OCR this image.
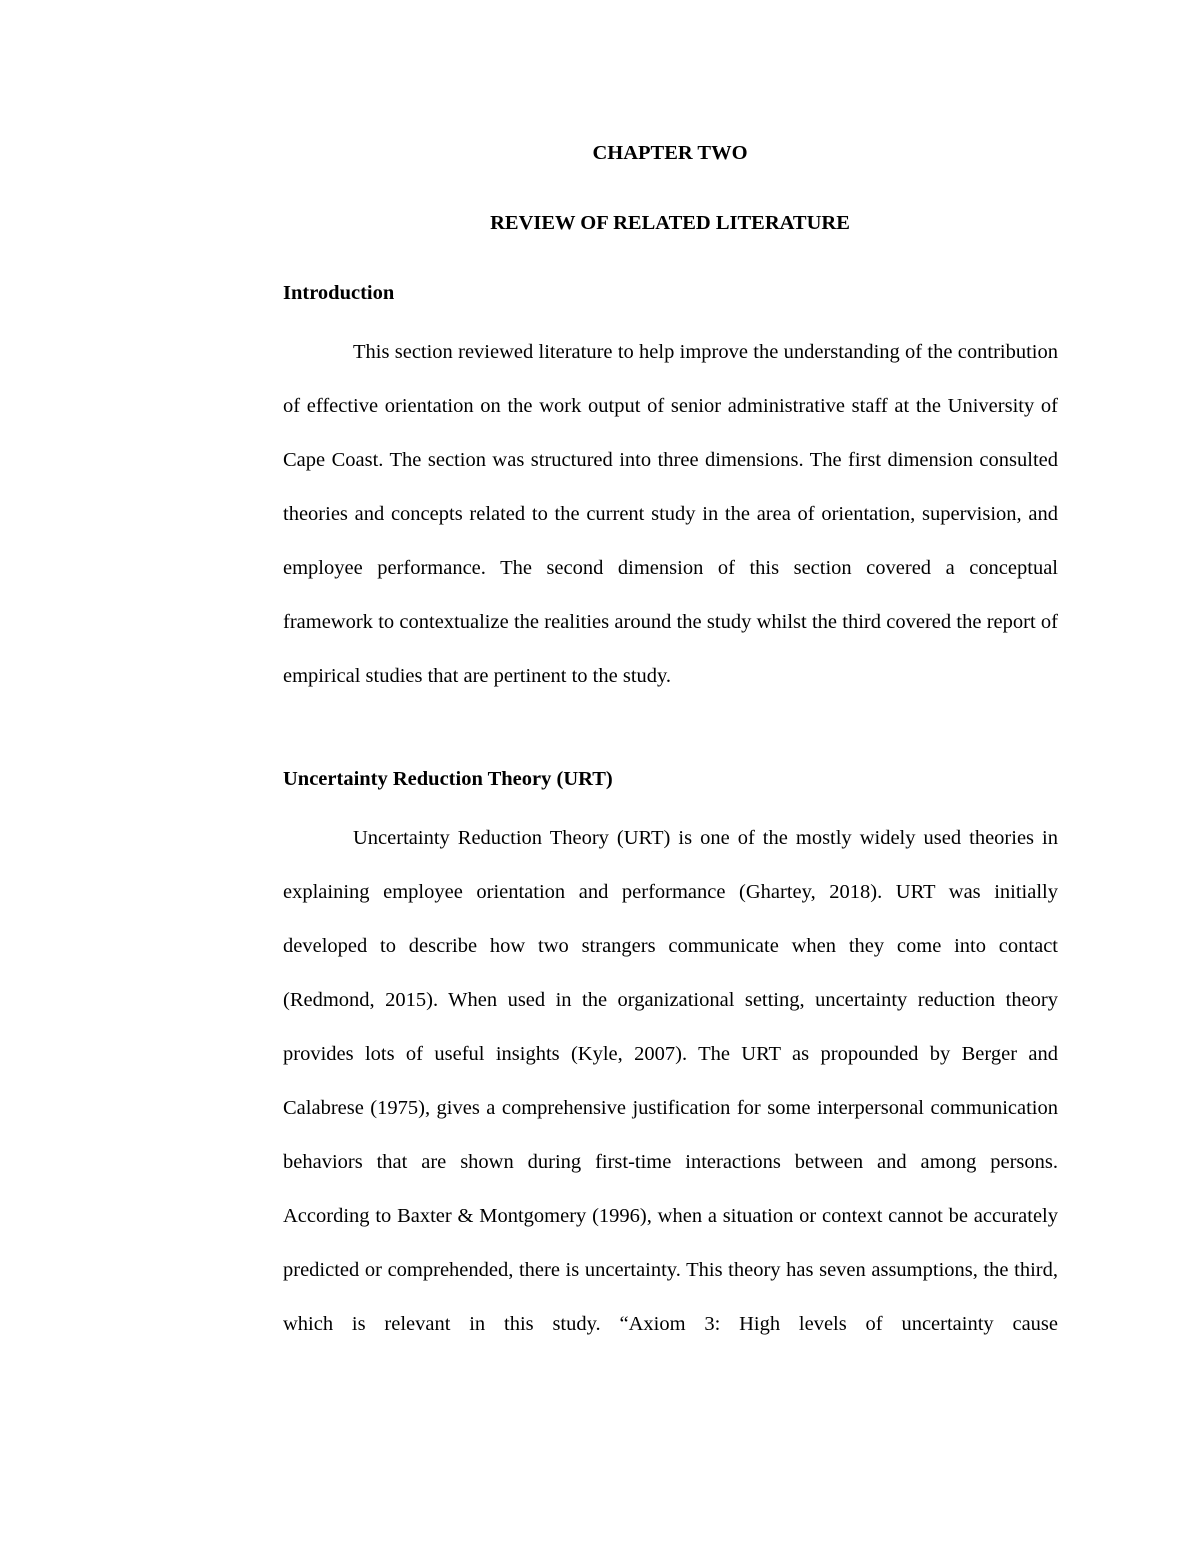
CHAPTER TWO
REVIEW OF RELATED LITERATURE
Introduction
This section reviewed literature to help improve the understanding of the contribution of effective orientation on the work output of senior administrative staff at the University of Cape Coast. The section was structured into three dimensions. The first dimension consulted theories and concepts related to the current study in the area of orientation, supervision, and employee performance. The second dimension of this section covered a conceptual framework to contextualize the realities around the study whilst the third covered the report of empirical studies that are pertinent to the study.
Uncertainty Reduction Theory (URT)
Uncertainty Reduction Theory (URT) is one of the mostly widely used theories in explaining employee orientation and performance (Ghartey, 2018). URT was initially developed to describe how two strangers communicate when they come into contact (Redmond, 2015). When used in the organizational setting, uncertainty reduction theory provides lots of useful insights (Kyle, 2007). The URT as propounded by Berger and Calabrese (1975), gives a comprehensive justification for some interpersonal communication behaviors that are shown during first-time interactions between and among persons. According to Baxter & Montgomery (1996), when a situation or context cannot be accurately predicted or comprehended, there is uncertainty. This theory has seven assumptions, the third, which is relevant in this study. “Axiom 3: High levels of uncertainty cause
